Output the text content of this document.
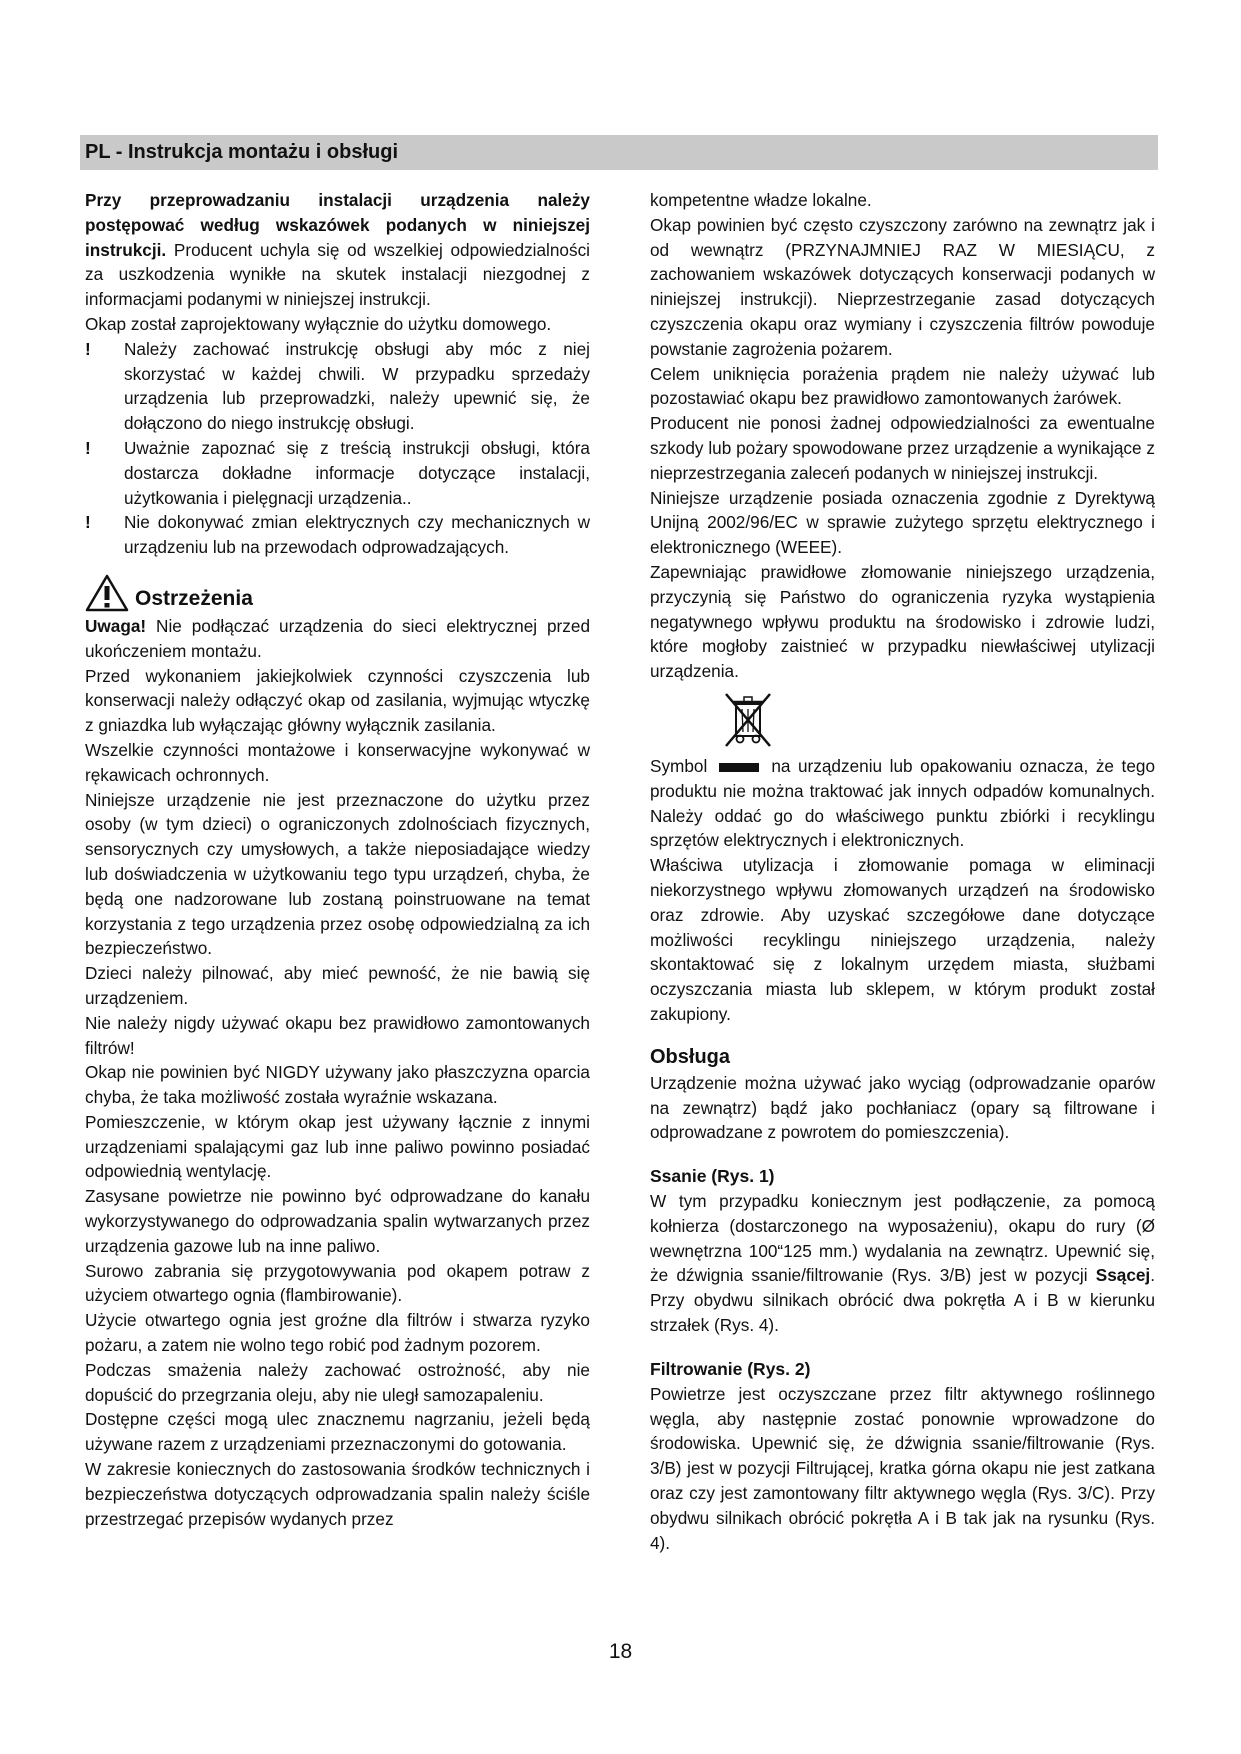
PL - Instrukcja montażu i obsługi

Przy przeprowadzaniu instalacji urządzenia należy postępować według wskazówek podanych w niniejszej instrukcji. Producent uchyla się od wszelkiej odpowiedzialności za uszkodzenia wynikłe na skutek instalacji niezgodnej z informacjami podanymi w niniejszej instrukcji.

Okap został zaprojektowany wyłącznie do użytku domowego.

!	Należy zachować instrukcję obsługi aby móc z niej skorzystać w każdej chwili. W przypadku sprzedaży urządzenia lub przeprowadzki, należy upewnić się, że dołączono do niego instrukcję obsługi.
!	Uważnie zapoznać się z treścią instrukcji obsługi, która dostarcza dokładne informacje dotyczące instalacji, użytkowania i pielęgnacji urządzenia..
!	Nie dokonywać zmian elektrycznych czy mechanicznych w urządzeniu lub na przewodach odprowadzających.
Ostrzeżenia

Uwaga! Nie podłączać urządzenia do sieci elektrycznej przed ukończeniem montażu.

Przed wykonaniem jakiejkolwiek czynności czyszczenia lub konserwacji należy odłączyć okap od zasilania, wyjmując wtyczkę z gniazdka lub wyłączając główny wyłącznik zasilania.

Wszelkie czynności montażowe i konserwacyjne wykonywać w rękawicach ochronnych.

Niniejsze urządzenie nie jest przeznaczone do użytku przez osoby (w tym dzieci) o ograniczonych zdolnościach fizycznych, sensorycznych czy umysłowych, a także nieposiadające wiedzy lub doświadczenia w użytkowaniu tego typu urządzeń, chyba, że będą one nadzorowane lub zostaną poinstruowane na temat korzystania z tego urządzenia przez osobę odpowiedzialną za ich bezpieczeństwo.

Dzieci należy pilnować, aby mieć pewność, że nie bawią się urządzeniem.

Nie należy nigdy używać okapu bez prawidłowo zamontowanych filtrów!

Okap nie powinien być NIGDY używany jako płaszczyzna oparcia chyba, że taka możliwość została wyraźnie wskazana.

Pomieszczenie, w którym okap jest używany łącznie z innymi urządzeniami spalającymi gaz lub inne paliwo powinno posiadać odpowiednią wentylację.

Zasysane powietrze nie powinno być odprowadzane do kanału wykorzystywanego do odprowadzania spalin wytwarzanych przez urządzenia gazowe lub na inne paliwo.

Surowo zabrania się przygotowywania pod okapem potraw z użyciem otwartego ognia (flambirowanie).

Użycie otwartego ognia jest groźne dla filtrów i stwarza ryzyko pożaru, a zatem nie wolno tego robić pod żadnym pozorem.

Podczas smażenia należy zachować ostrożność, aby nie dopuścić do przegrzania oleju, aby nie uległ samozapaleniu.

Dostępne części mogą ulec znacznemu nagrzaniu, jeżeli będą używane razem z urządzeniami przeznaczonymi do gotowania.

W zakresie koniecznych do zastosowania środków technicznych i bezpieczeństwa dotyczących odprowadzania spalin należy ściśle przestrzegać przepisów wydanych przez

kompetentne władze lokalne.

Okap powinien być często czyszczony zarówno na zewnątrz jak i od wewnątrz (PRZYNAJMNIEJ RAZ W MIESIĄCU, z zachowaniem wskazówek dotyczących konserwacji podanych w niniejszej instrukcji). Nieprzestrzeganie zasad dotyczących czyszczenia okapu oraz wymiany i czyszczenia filtrów powoduje powstanie zagrożenia pożarem.

Celem uniknięcia porażenia prądem nie należy używać lub pozostawiać okapu bez prawidłowo zamontowanych żarówek.

Producent nie ponosi żadnej odpowiedzialności za ewentualne szkody lub pożary spowodowane przez urządzenie a wynikające z nieprzestrzegania zaleceń podanych w niniejszej instrukcji.

Niniejsze urządzenie posiada oznaczenia zgodnie z Dyrektywą Unijną 2002/96/EC w sprawie zużytego sprzętu elektrycznego i elektronicznego (WEEE).

Zapewniając prawidłowe złomowanie niniejszego urządzenia, przyczynią się Państwo do ograniczenia ryzyka wystąpienia negatywnego wpływu produktu na środowisko i zdrowie ludzi, które mogłoby zaistnieć w przypadku niewłaściwej utylizacji urządzenia.

Symbol	na urządzeniu lub opakowaniu oznacza, że tego produktu nie można traktować jak innych odpadów komunalnych. Należy oddać go do właściwego punktu zbiórki i recyklingu sprzętów elektrycznych i elektronicznych.

Właściwa utylizacja i złomowanie pomaga w eliminacji niekorzystnego wpływu złomowanych urządzeń na środowisko oraz zdrowie. Aby uzyskać szczegółowe dane dotyczące możliwości recyklingu niniejszego urządzenia, należy skontaktować się z lokalnym urzędem miasta, służbami oczyszczania miasta lub sklepem, w którym produkt został zakupiony.

Obsługa

Urządzenie można używać jako wyciąg (odprowadzanie oparów na zewnątrz) bądź jako pochłaniacz (opary są filtrowane i odprowadzane z powrotem do pomieszczenia).

Ssanie (Rys. 1)

W tym przypadku koniecznym jest podłączenie, za pomocą kołnierza (dostarczonego na wyposażeniu), okapu do rury (Ø wewnętrzna 100“125 mm.) wydalania na zewnątrz. Upewnić się, że dźwignia ssanie/filtrowanie (Rys. 3/B) jest w pozycji Ssącej. Przy obydwu silnikach obrócić dwa pokrętła A i B w kierunku strzałek (Rys. 4).

Filtrowanie (Rys. 2)

Powietrze jest oczyszczane przez filtr aktywnego roślinnego węgla, aby następnie zostać ponownie wprowadzone do środowiska. Upewnić się, że dźwignia ssanie/filtrowanie (Rys. 3/B) jest w pozycji Filtrującej, kratka górna okapu nie jest zatkana oraz czy jest zamontowany filtr aktywnego węgla (Rys. 3/C). Przy obydwu silnikach obrócić pokrętła A i B tak jak na rysunku (Rys. 4).

18
